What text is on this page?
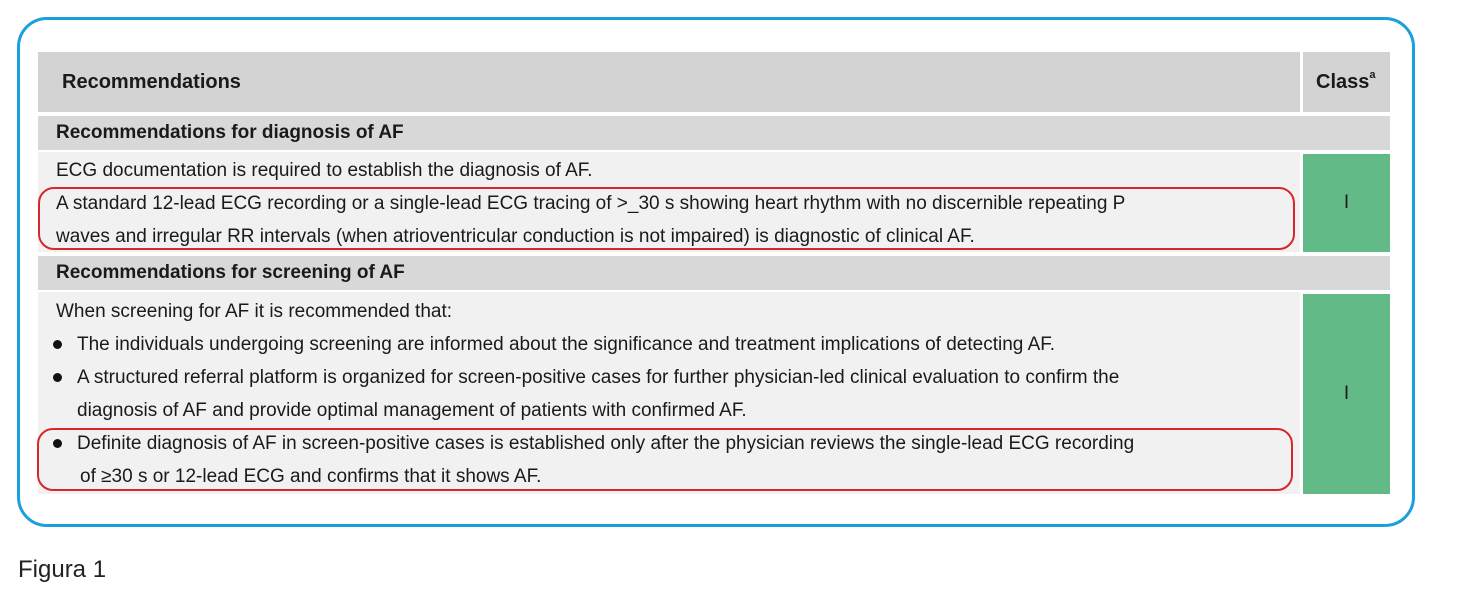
Recommendations	Class$^a$
Recommendations for diagnosis of AF
ECG documentation is required to establish the diagnosis of AF.
A standard 12-lead ECG recording or a single-lead ECG tracing of >_30 s showing heart rhythm with no discernible repeating P
waves and irregular RR intervals (when atrioventricular conduction is not impaired) is diagnostic of clinical AF.
I
Recommendations for screening of AF
When screening for AF it is recommended that:
The individuals undergoing screening are informed about the significance and treatment implications of detecting AF.
A structured referral platform is organized for screen-positive cases for further physician-led clinical evaluation to confirm the
diagnosis of AF and provide optimal management of patients with confirmed AF.
Definite diagnosis of AF in screen-positive cases is established only after the physician reviews the single-lead ECG recording
of ≥30 s or 12-lead ECG and confirms that it shows AF.
I
Figura 1
